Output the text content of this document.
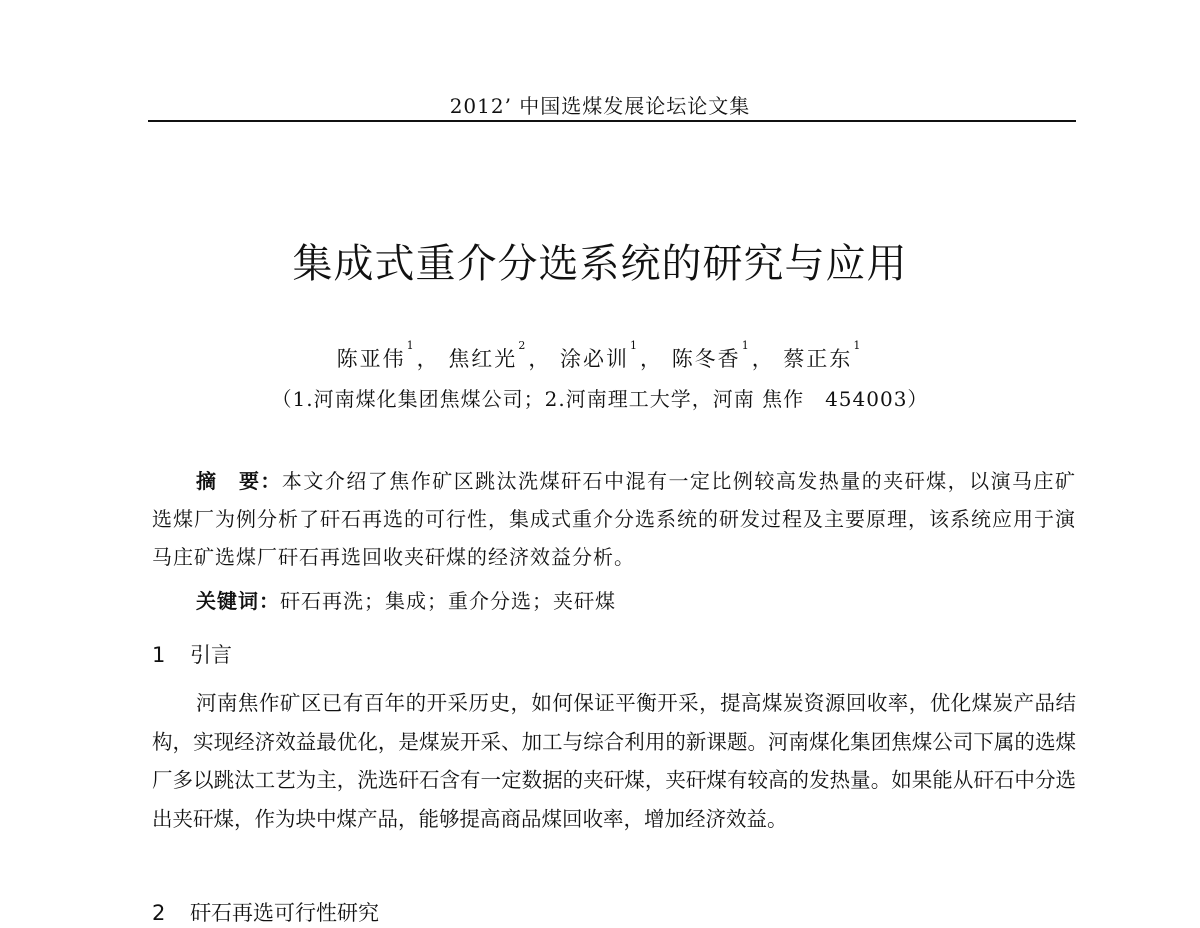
2012’ 中国选煤发展论坛论文集
集成式重介分选系统的研究与应用
陈亚伟$^1$， 焦红光$^2$， 涂必训$^1$， 陈冬香$^1$， 蔡正东$^1$
（1.河南煤化集团焦煤公司；2.河南理工大学，河南 焦作　454003）
摘　要：本文介绍了焦作矿区跳汰洗煤矸石中混有一定比例较高发热量的夹矸煤，以演马庄矿选煤厂为例分析了矸石再选的可行性，集成式重介分选系统的研发过程及主要原理，该系统应用于演马庄矿选煤厂矸石再选回收夹矸煤的经济效益分析。
关键词：矸石再洗；集成；重介分选；夹矸煤
1 引言
河南焦作矿区已有百年的开采历史，如何保证平衡开采，提高煤炭资源回收率，优化煤炭产品结构，实现经济效益最优化，是煤炭开采、加工与综合利用的新课题。河南煤化集团焦煤公司下属的选煤厂多以跳汰工艺为主，洗选矸石含有一定数据的夹矸煤，夹矸煤有较高的发热量。如果能从矸石中分选出夹矸煤，作为块中煤产品，能够提高商品煤回收率，增加经济效益。
2 矸石再选可行性研究
